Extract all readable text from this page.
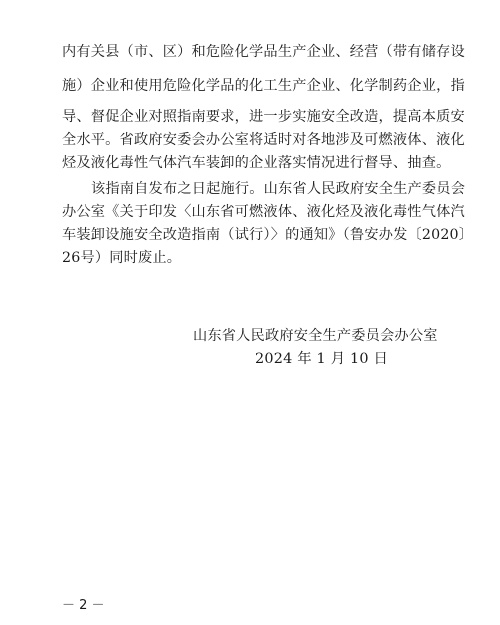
内有关县（市、区）和危险化学品生产企业、经营（带有储存设
施）企业和使用危险化学品的化工生产企业、化学制药企业，指
导、督促企业对照指南要求，进一步实施安全改造，提高本质安
全水平。省政府安委会办公室将适时对各地涉及可燃液体、液化
烃及液化毒性气体汽车装卸的企业落实情况进行督导、抽查。
该指南自发布之日起施行。山东省人民政府安全生产委员会
办公室《关于印发〈山东省可燃液体、液化烃及液化毒性气体汽
车装卸设施安全改造指南（试行）〉的通知》（鲁安办发〔2020〕
26号）同时废止。
山东省人民政府安全生产委员会办公室
2024 年 1 月 10 日
－ 2 －
